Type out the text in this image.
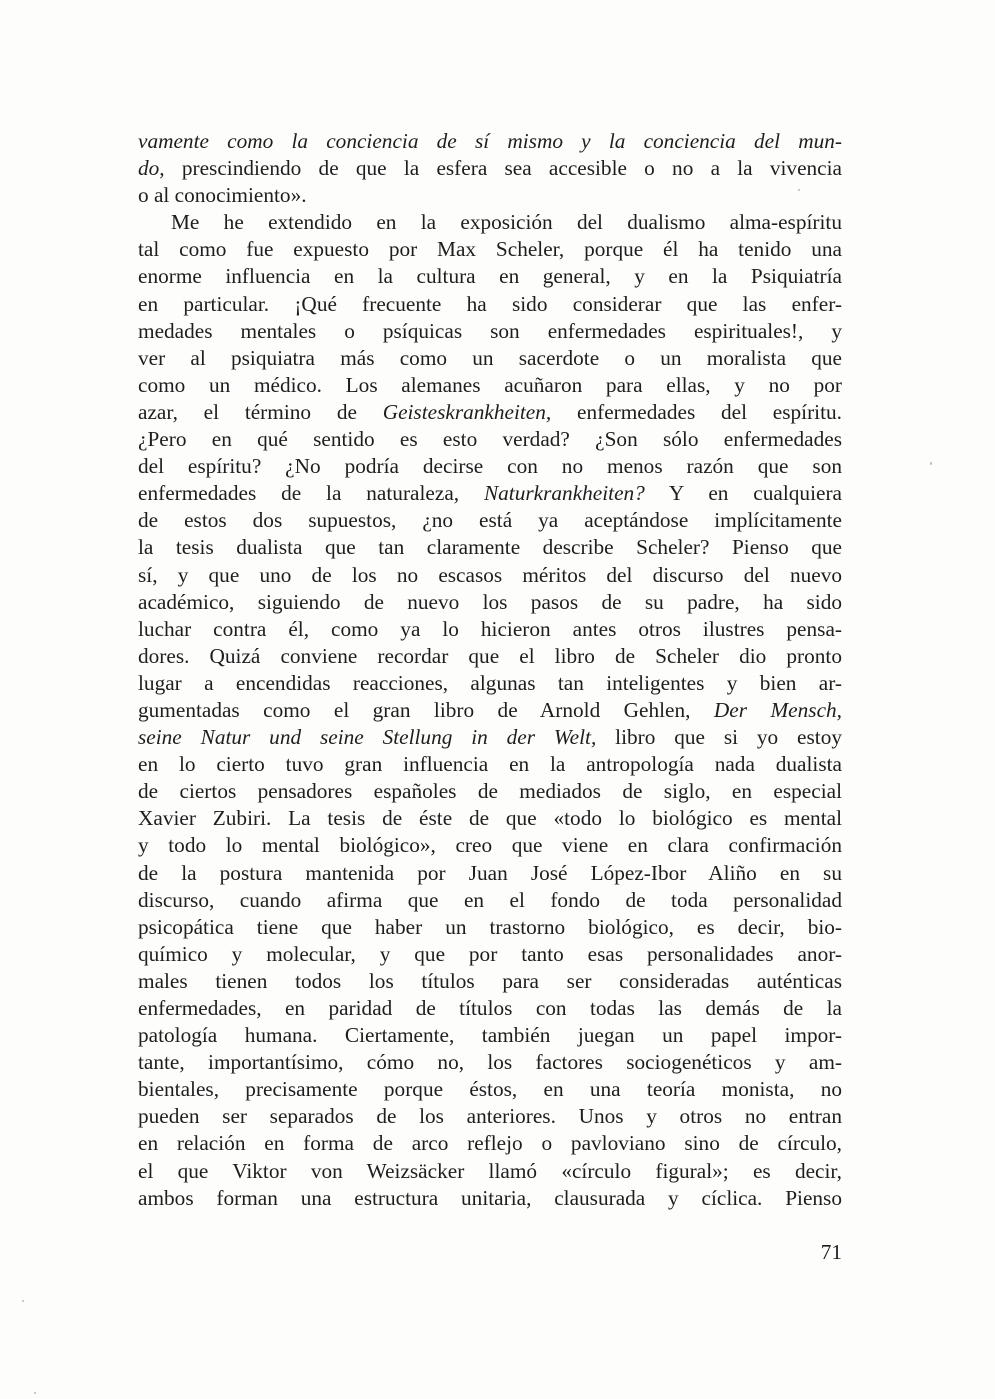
vamente como la conciencia de sí mismo y la conciencia del mun-
do, prescindiendo de que la esfera sea accesible o no a la vivencia
o al conocimiento».
Me he extendido en la exposición del dualismo alma-espíritu
tal como fue expuesto por Max Scheler, porque él ha tenido una
enorme influencia en la cultura en general, y en la Psiquiatría
en particular. ¡Qué frecuente ha sido considerar que las enfer-
medades mentales o psíquicas son enfermedades espirituales!, y
ver al psiquiatra más como un sacerdote o un moralista que
como un médico. Los alemanes acuñaron para ellas, y no por
azar, el término de Geisteskrankheiten, enfermedades del espíritu.
¿Pero en qué sentido es esto verdad? ¿Son sólo enfermedades
del espíritu? ¿No podría decirse con no menos razón que son
enfermedades de la naturaleza, Naturkrankheiten? Y en cualquiera
de estos dos supuestos, ¿no está ya aceptándose implícitamente
la tesis dualista que tan claramente describe Scheler? Pienso que
sí, y que uno de los no escasos méritos del discurso del nuevo
académico, siguiendo de nuevo los pasos de su padre, ha sido
luchar contra él, como ya lo hicieron antes otros ilustres pensa-
dores. Quizá conviene recordar que el libro de Scheler dio pronto
lugar a encendidas reacciones, algunas tan inteligentes y bien ar-
gumentadas como el gran libro de Arnold Gehlen, Der Mensch,
seine Natur und seine Stellung in der Welt, libro que si yo estoy
en lo cierto tuvo gran influencia en la antropología nada dualista
de ciertos pensadores españoles de mediados de siglo, en especial
Xavier Zubiri. La tesis de éste de que «todo lo biológico es mental
y todo lo mental biológico», creo que viene en clara confirmación
de la postura mantenida por Juan José López-Ibor Aliño en su
discurso, cuando afirma que en el fondo de toda personalidad
psicopática tiene que haber un trastorno biológico, es decir, bio-
químico y molecular, y que por tanto esas personalidades anor-
males tienen todos los títulos para ser consideradas auténticas
enfermedades, en paridad de títulos con todas las demás de la
patología humana. Ciertamente, también juegan un papel impor-
tante, importantísimo, cómo no, los factores sociogenéticos y am-
bientales, precisamente porque éstos, en una teoría monista, no
pueden ser separados de los anteriores. Unos y otros no entran
en relación en forma de arco reflejo o pavloviano sino de círculo,
el que Viktor von Weizsäcker llamó «círculo figural»; es decir,
ambos forman una estructura unitaria, clausurada y cíclica. Pienso
71
